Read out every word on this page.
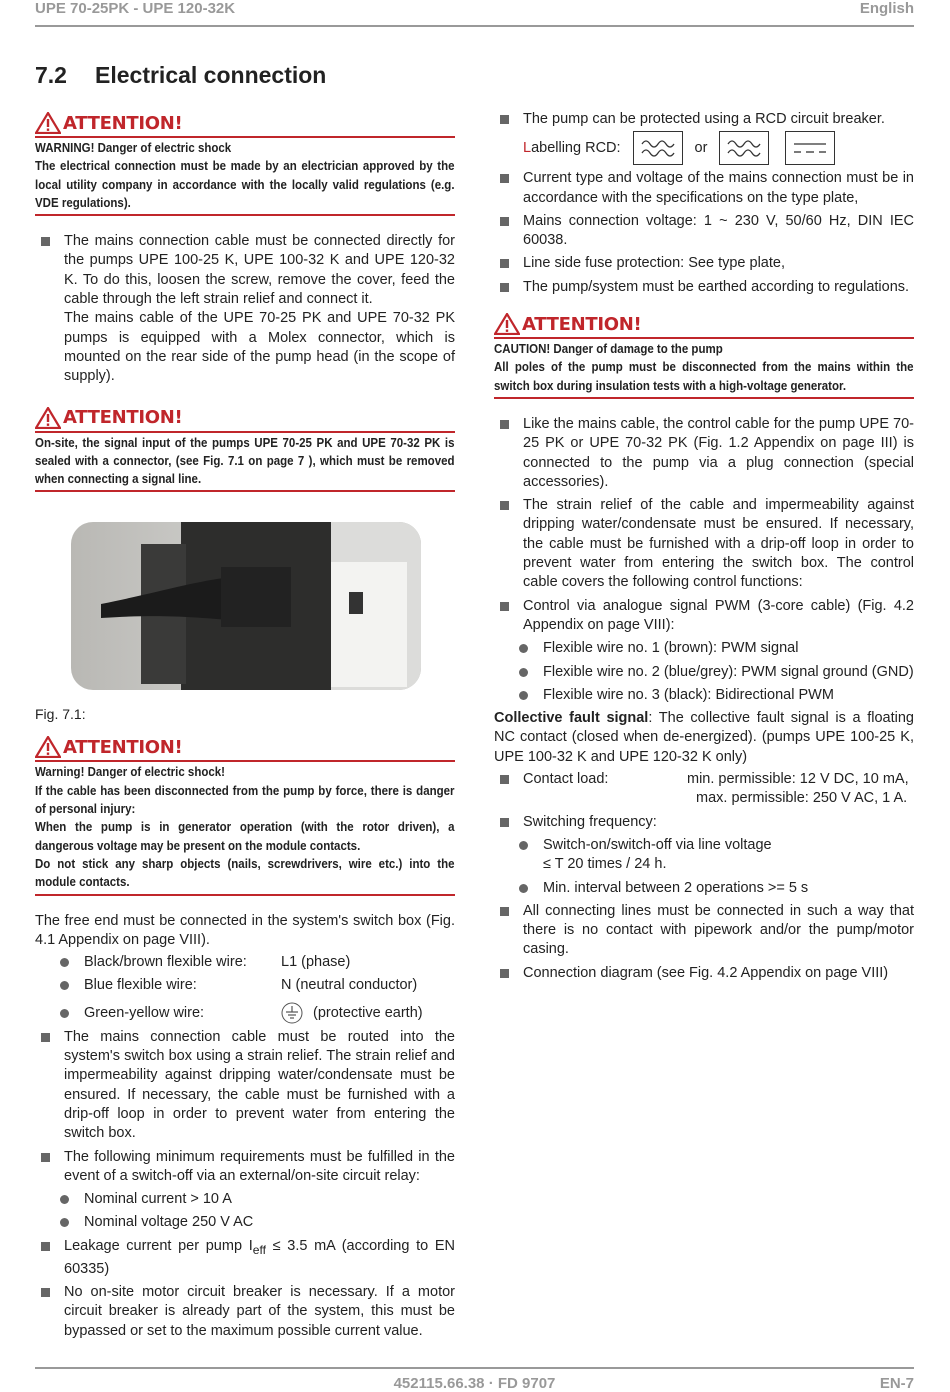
UPE 70-25PK - UPE 120-32K	English
7.2 Electrical connection
ATTENTION!
WARNING! Danger of electric shock
The electrical connection must be made by an electrician approved by the local utility company in accordance with the locally valid regulations (e.g. VDE regulations).
The mains connection cable must be connected directly for the pumps UPE 100-25 K, UPE 100-32 K and UPE 120-32 K. To do this, loosen the screw, remove the cover, feed the cable through the left strain relief and connect it.
The mains cable of the UPE 70-25 PK and UPE 70-32 PK pumps is equipped with a Molex connector, which is mounted on the rear side of the pump head (in the scope of supply).
ATTENTION!
On-site, the signal input of the pumps UPE 70-25 PK and UPE 70-32 PK is sealed with a connector, (see Fig. 7.1 on page 7 ), which must be removed when connecting a signal line.
Fig. 7.1:
ATTENTION!
Warning! Danger of electric shock!
If the cable has been disconnected from the pump by force, there is danger of personal injury:
When the pump is in generator operation (with the rotor driven), a dangerous voltage may be present on the module contacts.
Do not stick any sharp objects (nails, screwdrivers, wire etc.) into the module contacts.

The free end must be connected in the system's switch box (Fig. 4.1 Appendix on page VIII).

Black/brown flexible wire:	L1 (phase)
Blue flexible wire:	N (neutral conductor)
Green-yellow wire:	(protective earth)
The mains connection cable must be routed into the system's switch box using a strain relief. The strain relief and impermeability against dripping water/condensate must be ensured. If necessary, the cable must be furnished with a drip-off loop in order to prevent water from entering the switch box.
The following minimum requirements must be fulfilled in the event of a switch-off via an external/on-site circuit relay:
Nominal current > 10 A
Nominal voltage 250 V AC
Leakage current per pump $I_{eff} \le 3.5$ mA (according to EN 60335)
No on-site motor circuit breaker is necessary. If a motor circuit breaker is already part of the system, this must be bypassed or set to the maximum possible current value.
The pump can be protected using a RCD circuit breaker.
L abelling RCD:	or
Current type and voltage of the mains connection must be in accordance with the specifications on the type plate,
Mains connection voltage: 1 ~ 230 V, 50/60 Hz, DIN IEC 60038.
Line side fuse protection: See type plate,
The pump/system must be earthed according to regulations.
ATTENTION!
CAUTION! Danger of damage to the pump
All poles of the pump must be disconnected from the mains within the switch box during insulation tests with a high-voltage generator.
Like the mains cable, the control cable for the pump UPE 70-25 PK or UPE 70-32 PK (Fig. 1.2 Appendix on page III) is connected to the pump via a plug connection (special accessories).
The strain relief of the cable and impermeability against dripping water/condensate must be ensured. If necessary, the cable must be furnished with a drip-off loop in order to prevent water from entering the switch box. The control cable covers the following control functions:
Control via analogue signal PWM (3-core cable) (Fig. 4.2 Appendix on page VIII):
Flexible wire no. 1 (brown): PWM signal
Flexible wire no. 2 (blue/grey): PWM signal ground (GND)
Flexible wire no. 3 (black): Bidirectional PWM

Collective fault signal: The collective fault signal is a floating NC contact (closed when de-energized). (pumps UPE 100-25 K, UPE 100-32 K and UPE 120-32 K only)

Contact load:	min. permissible: 12 V DC, 10 mA,
max. permissible: 250 V AC, 1 A.
Switching frequency:
Switch-on/switch-off via line voltage
≤ T 20 times / 24 h.
Min. interval between 2 operations >= 5 s
All connecting lines must be connected in such a way that there is no contact with pipework and/or the pump/motor casing.
Connection diagram (see Fig. 4.2 Appendix on page VIII)
452115.66.38 · FD 9707	EN-7
